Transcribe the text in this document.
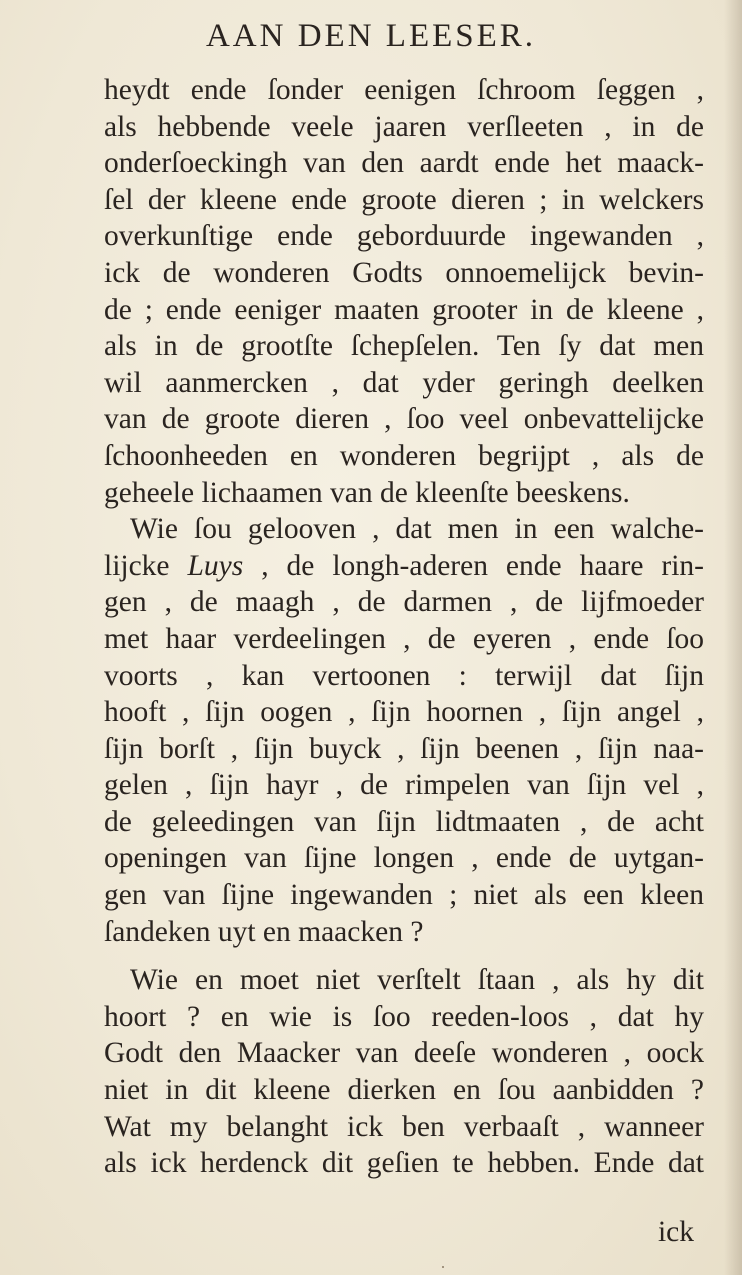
AAN DEN LEESER.
heydt ende ſonder eenigen ſchroom ſeggen ,
als hebbende veele jaaren verſleeten , in de
onderſoeckingh van den aardt ende het maack-
ſel der kleene ende groote dieren ; in welckers
overkunſtige ende geborduurde ingewanden ,
ick de wonderen Godts onnoemelijck bevin-
de ; ende eeniger maaten grooter in de kleene ,
als in de grootſte ſchepſelen. Ten ſy dat men
wil aanmercken , dat yder geringh deelken
van de groote dieren , ſoo veel onbevattelijcke
ſchoonheeden en wonderen begrijpt , als de
geheele lichaamen van de kleenſte beeskens.
Wie ſou gelooven , dat men in een walche-
lijcke Luys , de longh-aderen ende haare rin-
gen , de maagh , de darmen , de lijfmoeder
met haar verdeelingen , de eyeren , ende ſoo
voorts , kan vertoonen : terwijl dat ſijn
hooft , ſijn oogen , ſijn hoornen , ſijn angel ,
ſijn borſt , ſijn buyck , ſijn beenen , ſijn naa-
gelen , ſijn hayr , de rimpelen van ſijn vel ,
de geleedingen van ſijn lidtmaaten , de acht
openingen van ſijne longen , ende de uytgan-
gen van ſijne ingewanden ; niet als een kleen
ſandeken uyt en maacken ?
Wie en moet niet verſtelt ſtaan , als hy dit
hoort ? en wie is ſoo reeden-loos , dat hy
Godt den Maacker van deeſe wonderen , oock
niet in dit kleene dierken en ſou aanbidden ?
Wat my belanght ick ben verbaaſt , wanneer
als ick herdenck dit geſien te hebben. Ende dat
ick
